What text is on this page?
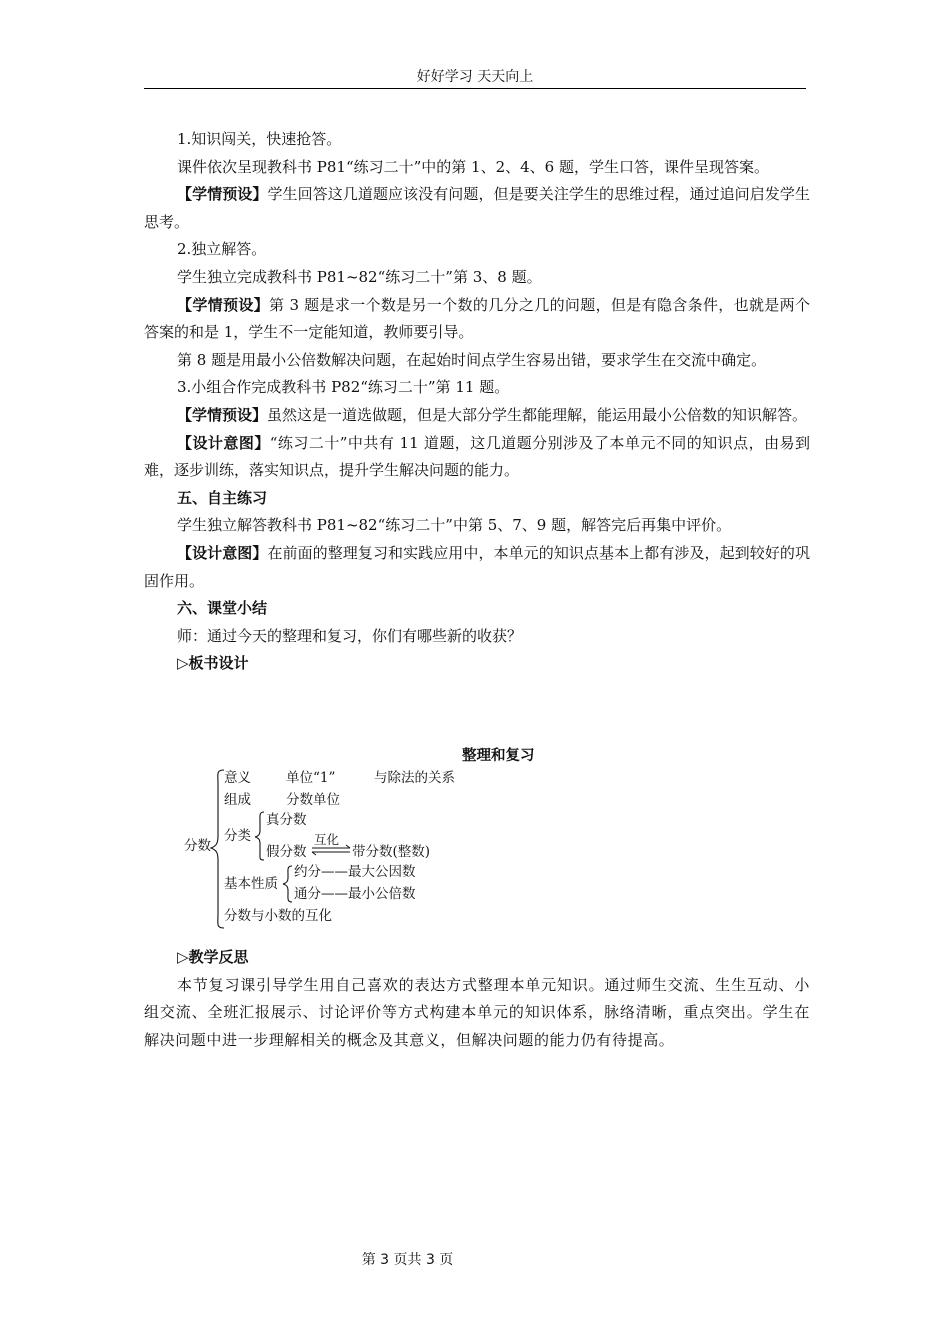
好好学习 天天向上

1.知识闯关，快速抢答。

课件依次呈现教科书 P81“练习二十”中的第 1、2、4、6 题，学生口答，课件呈现答案。

【学情预设】学生回答这几道题应该没有问题，但是要关注学生的思维过程，通过追问启发学生思考。

2.独立解答。

学生独立完成教科书 P81~82“练习二十”第 3、8 题。

【学情预设】第 3 题是求一个数是另一个数的几分之几的问题，但是有隐含条件，也就是两个答案的和是 1，学生不一定能知道，教师要引导。

第 8 题是用最小公倍数解决问题，在起始时间点学生容易出错，要求学生在交流中确定。

3.小组合作完成教科书 P82“练习二十”第 11 题。

【学情预设】虽然这是一道选做题，但是大部分学生都能理解，能运用最小公倍数的知识解答。

【设计意图】“练习二十”中共有 11 道题，这几道题分别涉及了本单元不同的知识点，由易到难，逐步训练，落实知识点，提升学生解决问题的能力。

五、自主练习

学生独立解答教科书 P81~82“练习二十”中第 5、7、9 题，解答完后再集中评价。

【设计意图】在前面的整理复习和实践应用中，本单元的知识点基本上都有涉及，起到较好的巩固作用。

六、课堂小结

师：通过今天的整理和复习，你们有哪些新的收获？

▷板书设计

整理和复习
分数
意义	单位“1”	与除法的关系
组成	分数单位
分类
真分数
假分数
互化
带分数(整数)
基本性质
约分——最大公因数
通分——最小公倍数
分数与小数的互化

▷教学反思

本节复习课引导学生用自己喜欢的表达方式整理本单元知识。通过师生交流、生生互动、小组交流、全班汇报展示、讨论评价等方式构建本单元的知识体系，脉络清晰，重点突出。学生在解决问题中进一步理解相关的概念及其意义，但解决问题的能力仍有待提高。

第 3 页共 3 页
